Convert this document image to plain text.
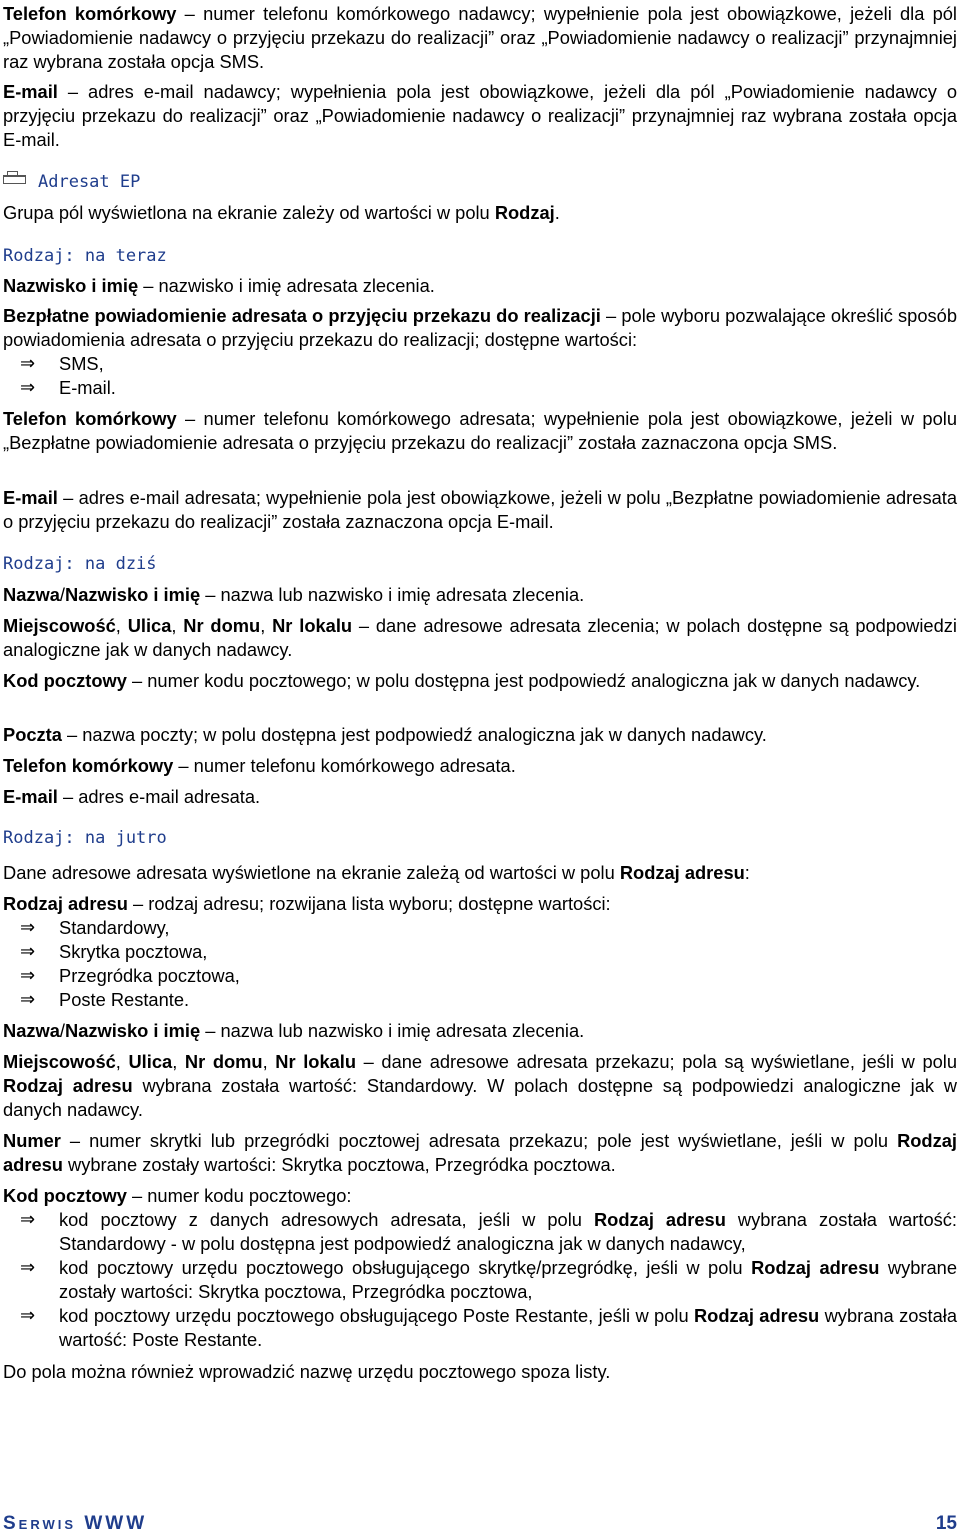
Telefon komórkowy – numer telefonu komórkowego nadawcy; wypełnienie pola jest obowiązkowe, jeżeli dla pól „Powiadomienie nadawcy o przyjęciu przekazu do realizacji” oraz „Powiadomienie nadawcy o realizacji” przynajmniej raz wybrana została opcja SMS.

E-mail – adres e-mail nadawcy; wypełnienia pola jest obowiązkowe, jeżeli dla pól „Powiadomienie nadawcy o przyjęciu przekazu do realizacji” oraz „Powiadomienie nadawcy o realizacji” przynajmniej raz wybrana została opcja E-mail.

Adresat EP

Grupa pól wyświetlona na ekranie zależy od wartości w polu Rodzaj.

Rodzaj: na teraz

Nazwisko i imię – nazwisko i imię adresata zlecenia.

Bezpłatne powiadomienie adresata o przyjęciu przekazu do realizacji – pole wyboru pozwalające określić sposób powiadomienia adresata o przyjęciu przekazu do realizacji; dostępne wartości:

⇒	SMS,
⇒	E-mail.

Telefon komórkowy – numer telefonu komórkowego adresata; wypełnienie pola jest obowiązkowe, jeżeli w polu „Bezpłatne powiadomienie adresata o przyjęciu przekazu do realizacji” została zaznaczona opcja SMS.

E-mail – adres e-mail adresata; wypełnienie pola jest obowiązkowe, jeżeli w polu „Bezpłatne powiadomienie adresata o przyjęciu przekazu do realizacji” została zaznaczona opcja E-mail.

Rodzaj: na dziś

Nazwa/Nazwisko i imię – nazwa lub nazwisko i imię adresata zlecenia.

Miejscowość, Ulica, Nr domu, Nr lokalu – dane adresowe adresata zlecenia; w polach dostępne są podpowiedzi analogiczne jak w danych nadawcy.

Kod pocztowy – numer kodu pocztowego; w polu dostępna jest podpowiedź analogiczna jak w danych nadawcy.

Poczta – nazwa poczty; w polu dostępna jest podpowiedź analogiczna jak w danych nadawcy.

Telefon komórkowy – numer telefonu komórkowego adresata.

E-mail – adres e-mail adresata.

Rodzaj: na jutro

Dane adresowe adresata wyświetlone na ekranie zależą od wartości w polu Rodzaj adresu:

Rodzaj adresu – rodzaj adresu; rozwijana lista wyboru; dostępne wartości:

⇒	Standardowy,
⇒	Skrytka pocztowa,
⇒	Przegródka pocztowa,
⇒	Poste Restante.

Nazwa/Nazwisko i imię – nazwa lub nazwisko i imię adresata zlecenia.

Miejscowość, Ulica, Nr domu, Nr lokalu – dane adresowe adresata przekazu; pola są wyświetlane, jeśli w polu Rodzaj adresu wybrana została wartość: Standardowy. W polach dostępne są podpowiedzi analogiczne jak w danych nadawcy.

Numer – numer skrytki lub przegródki pocztowej adresata przekazu; pole jest wyświetlane, jeśli w polu Rodzaj adresu wybrane zostały wartości: Skrytka pocztowa, Przegródka pocztowa.

Kod pocztowy – numer kodu pocztowego:

⇒	kod pocztowy z danych adresowych adresata, jeśli w polu Rodzaj adresu wybrana została wartość: Standardowy - w polu dostępna jest podpowiedź analogiczna jak w danych nadawcy,
⇒	kod pocztowy urzędu pocztowego obsługującego skrytkę/przegródkę, jeśli w polu Rodzaj adresu wybrane zostały wartości: Skrytka pocztowa, Przegródka pocztowa,
⇒	kod pocztowy urzędu pocztowego obsługującego Poste Restante, jeśli w polu Rodzaj adresu wybrana została wartość: Poste Restante.

Do pola można również wprowadzić nazwę urzędu pocztowego spoza listy.

Serwis WWW	15
